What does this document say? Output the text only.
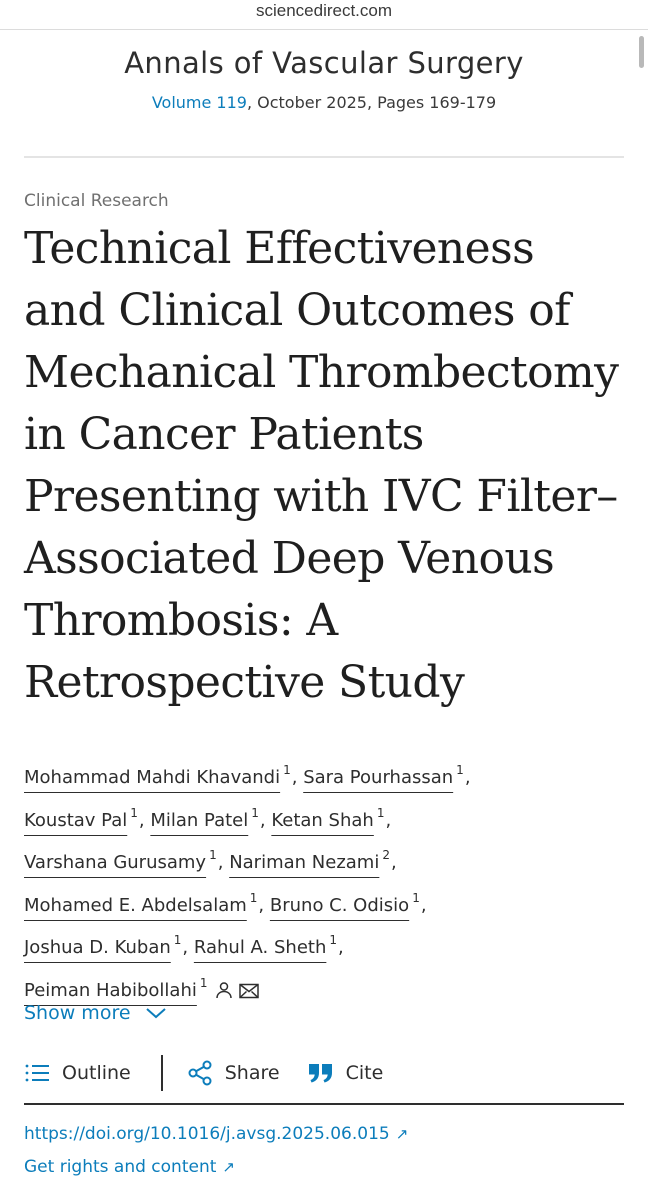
sciencedirect.com
Annals of Vascular Surgery
Volume 119, October 2025, Pages 169-179
Clinical Research
Technical Effectiveness and Clinical Outcomes of Mechanical Thrombectomy in Cancer Patients Presenting with IVC Filter–Associated Deep Venous Thrombosis: A Retrospective Study
Mohammad Mahdi Khavandi $^1$, Sara Pourhassan $^1$,
Koustav Pal $^1$, Milan Patel $^1$, Ketan Shah $^1$,
Varshana Gurusamy $^1$, Nariman Nezami $^2$,
Mohamed E. Abdelsalam $^1$, Bruno C. Odisio $^1$,
Joshua D. Kuban $^1$, Rahul A. Sheth $^1$,
Peiman Habibollahi $^1$
Show more
Outline	Share	Cite
https://doi.org/10.1016/j.avsg.2025.06.015 ↗
Get rights and content ↗
